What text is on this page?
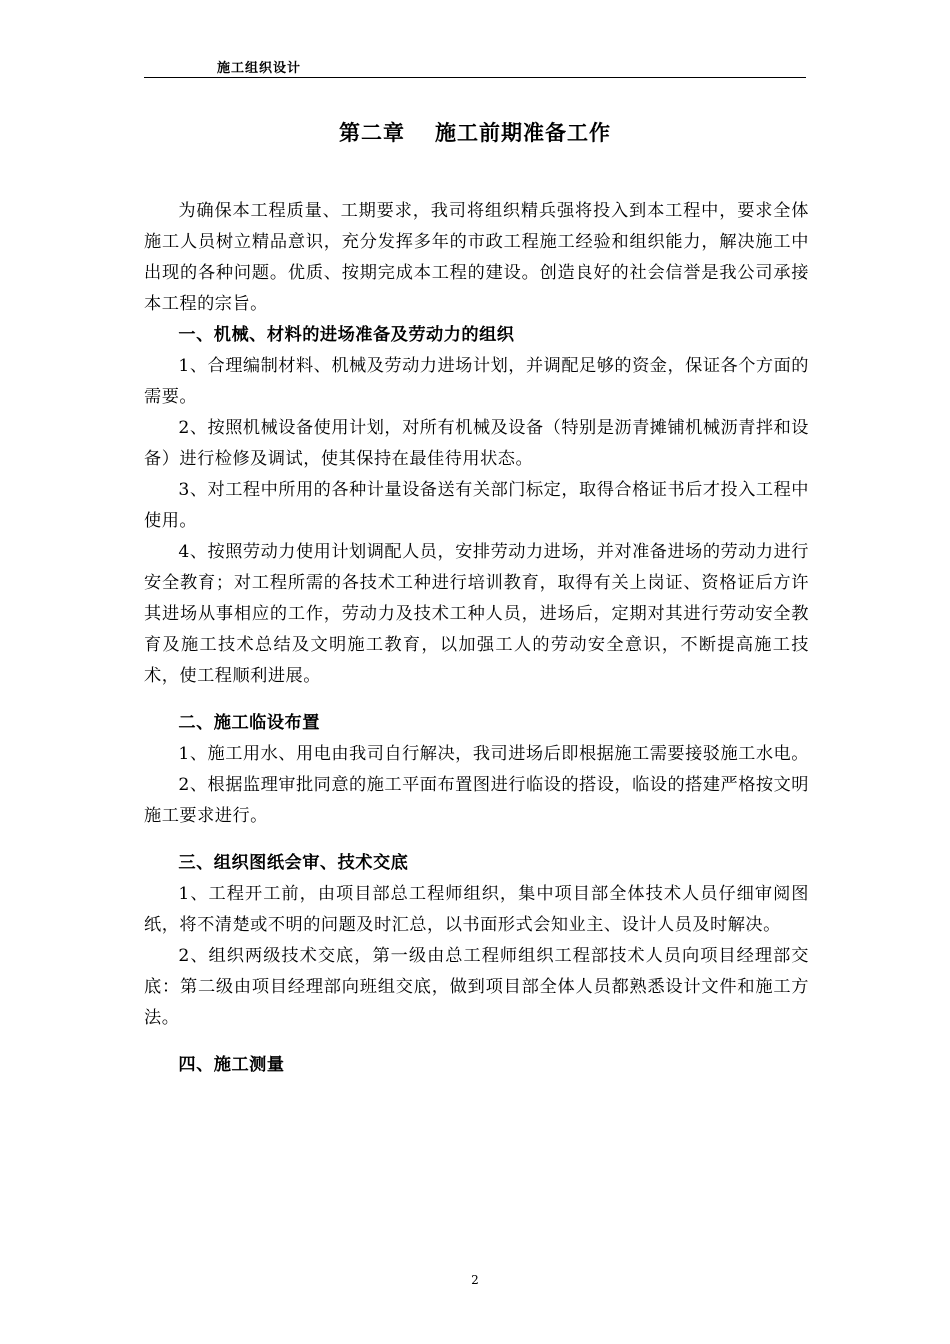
施工组织设计
第二章 施工前期准备工作

为确保本工程质量、工期要求，我司将组织精兵强将投入到本工程中，要求全体施工人员树立精品意识，充分发挥多年的市政工程施工经验和组织能力，解决施工中出现的各种问题。优质、按期完成本工程的建设。创造良好的社会信誉是我公司承接本工程的宗旨。

一、机械、材料的进场准备及劳动力的组织

1、合理编制材料、机械及劳动力进场计划，并调配足够的资金，保证各个方面的需要。

2、按照机械设备使用计划，对所有机械及设备（特别是沥青摊铺机械沥青拌和设备）进行检修及调试，使其保持在最佳待用状态。

3、对工程中所用的各种计量设备送有关部门标定，取得合格证书后才投入工程中使用。

4、按照劳动力使用计划调配人员，安排劳动力进场，并对准备进场的劳动力进行安全教育；对工程所需的各技术工种进行培训教育，取得有关上岗证、资格证后方许其进场从事相应的工作，劳动力及技术工种人员，进场后，定期对其进行劳动安全教育及施工技术总结及文明施工教育，以加强工人的劳动安全意识，不断提高施工技术，使工程顺利进展。

二、施工临设布置

1、施工用水、用电由我司自行解决，我司进场后即根据施工需要接驳施工水电。

2、根据监理审批同意的施工平面布置图进行临设的搭设，临设的搭建严格按文明施工要求进行。

三、组织图纸会审、技术交底

1、工程开工前，由项目部总工程师组织，集中项目部全体技术人员仔细审阅图纸，将不清楚或不明的问题及时汇总，以书面形式会知业主、设计人员及时解决。

2、组织两级技术交底，第一级由总工程师组织工程部技术人员向项目经理部交底：第二级由项目经理部向班组交底，做到项目部全体人员都熟悉设计文件和施工方法。

四、施工测量
2
